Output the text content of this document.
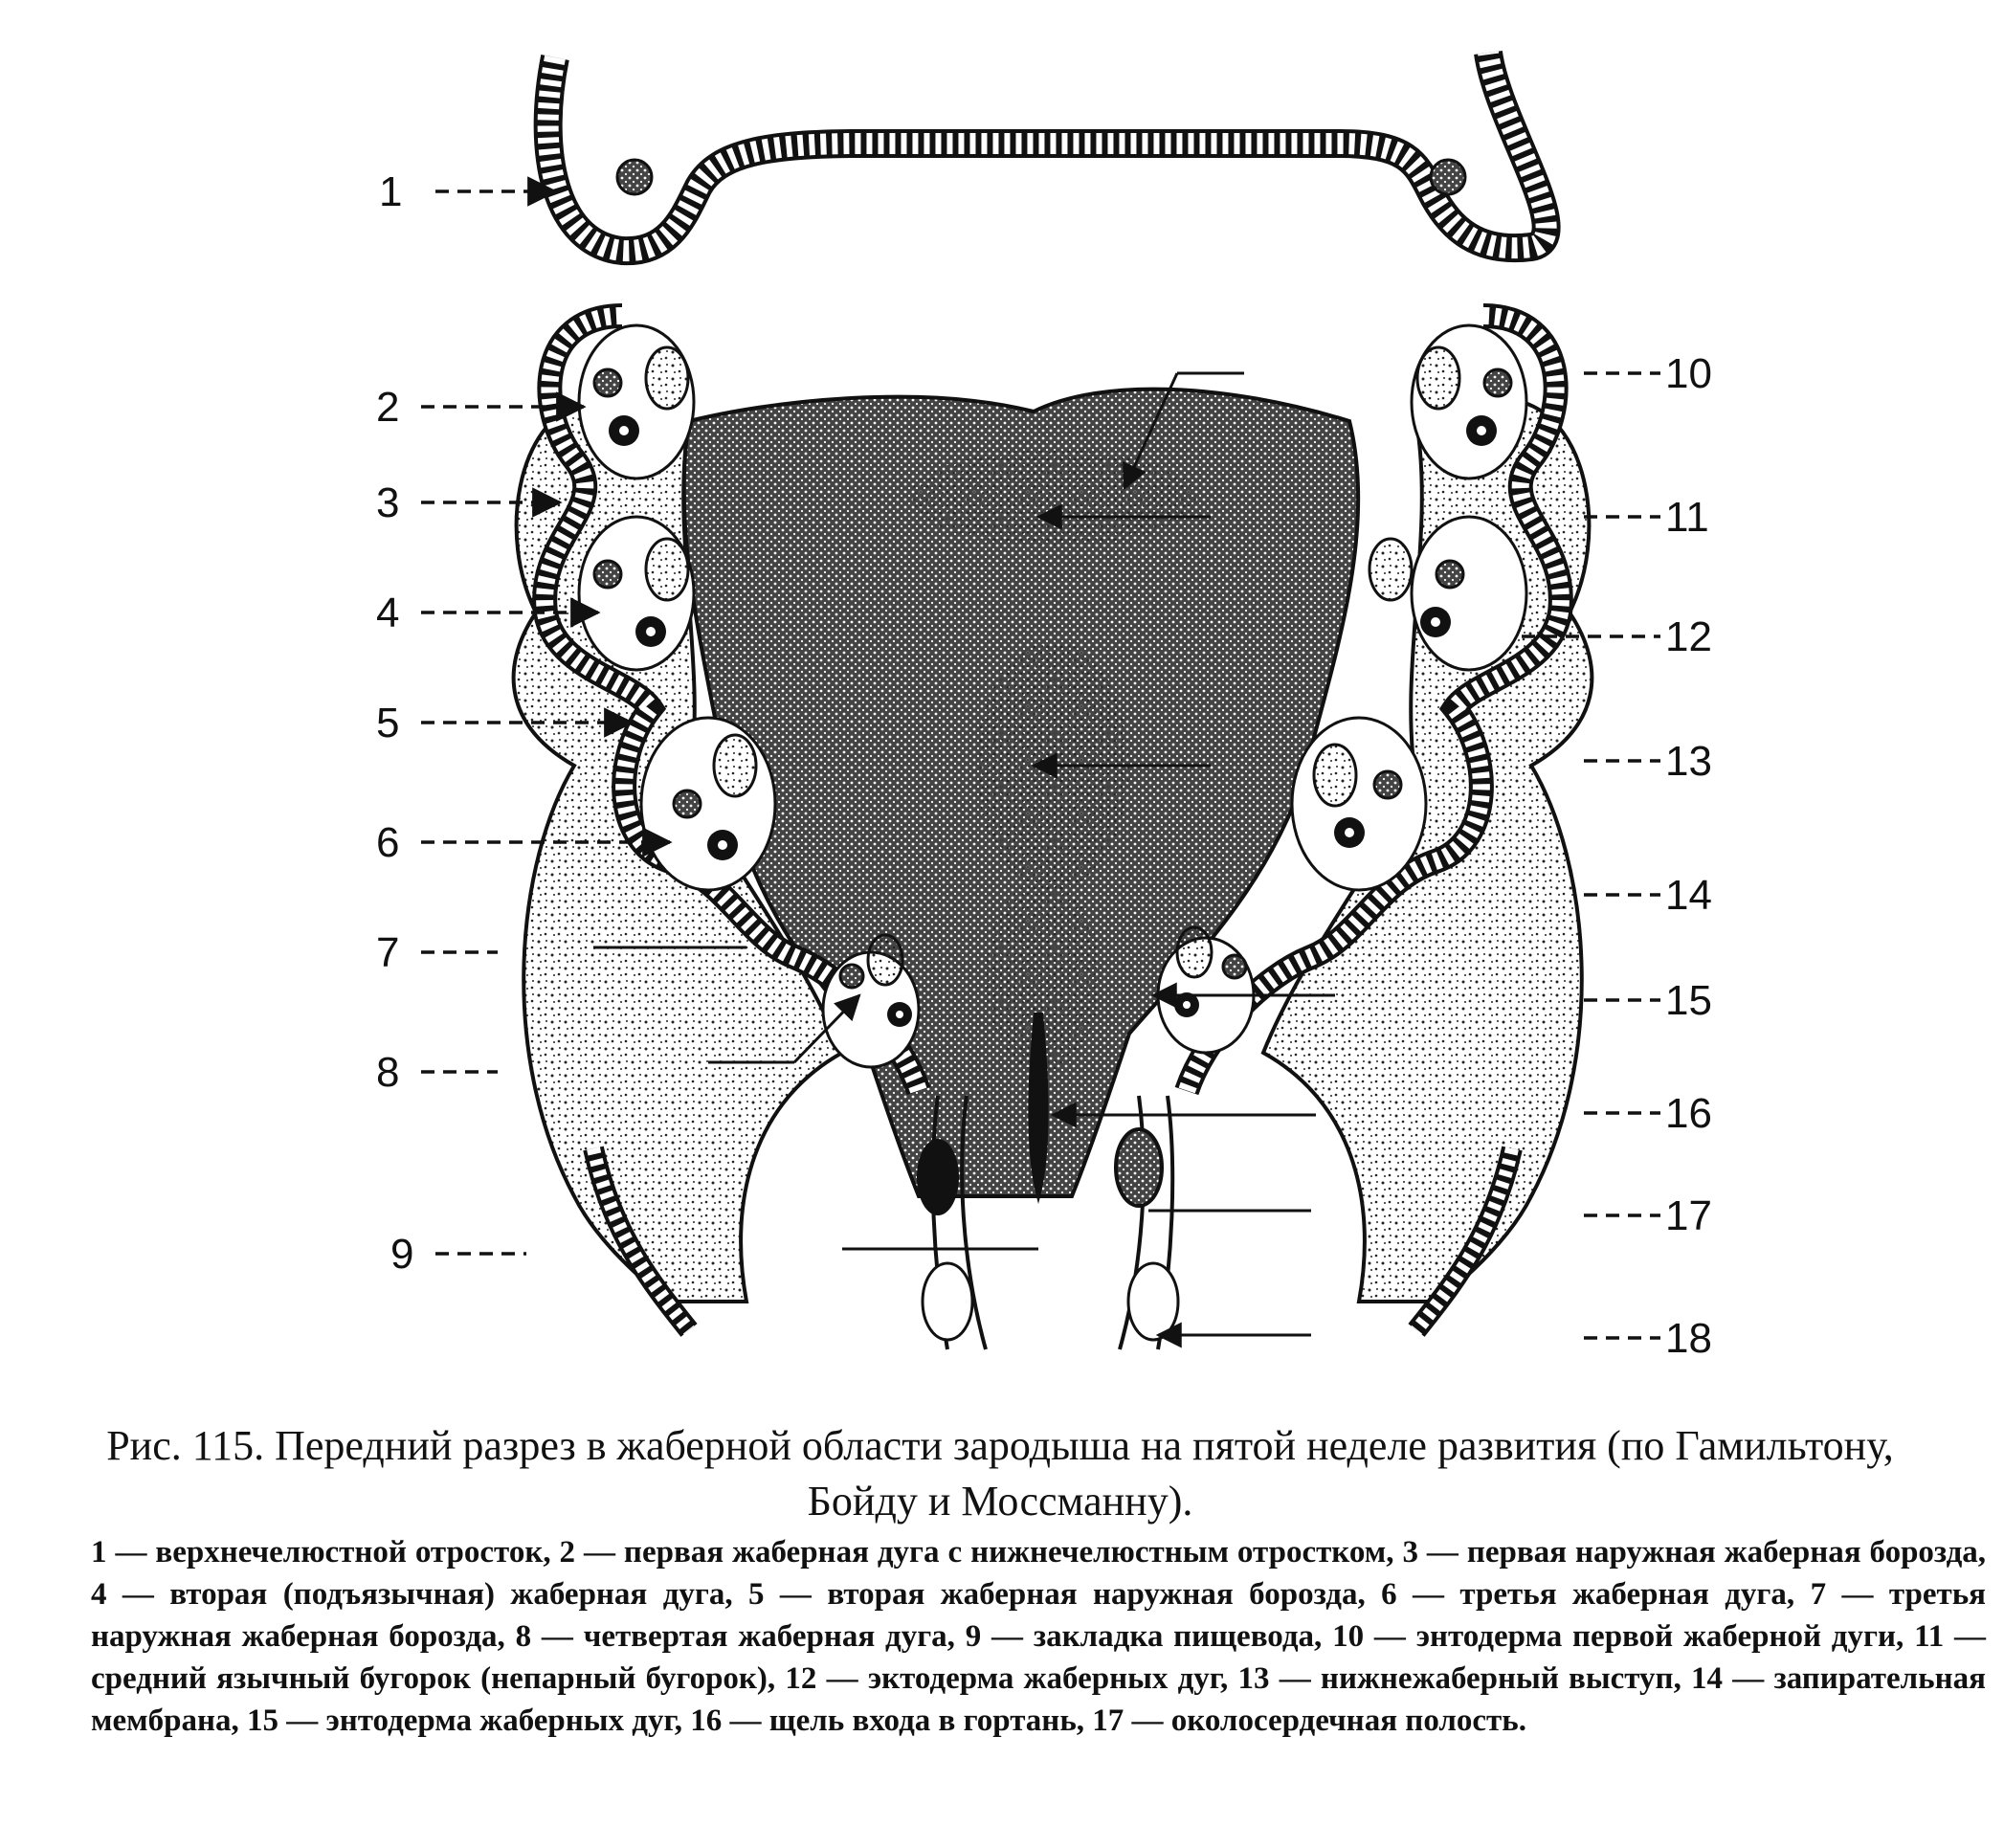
1
2
3
4
5
6
7
8
9
10
11
12
13
14
15
16
17
18
Рис. 115. Передний разрез в жаберной области зародыша на пятой неделе развития (по Гамильтону, Бойду и Моссманну).
1 — верхнечелюстной отросток, 2 — первая жаберная дуга с нижнечелюстным отростком, 3 — первая наружная жаберная борозда, 4 — вторая (подъязычная) жаберная дуга, 5 — вторая жаберная наружная борозда, 6 — третья жаберная дуга, 7 — третья наружная жаберная борозда, 8 — четвертая жаберная дуга, 9 — закладка пищевода, 10 — энтодерма первой жаберной дуги, 11 — средний язычный бугорок (непарный бугорок), 12 — эктодерма жаберных дуг, 13 — нижнежаберный выступ, 14 — запирательная мембрана, 15 — энтодерма жаберных дуг, 16 — щель входа в гортань, 17 — околосердечная полость.
